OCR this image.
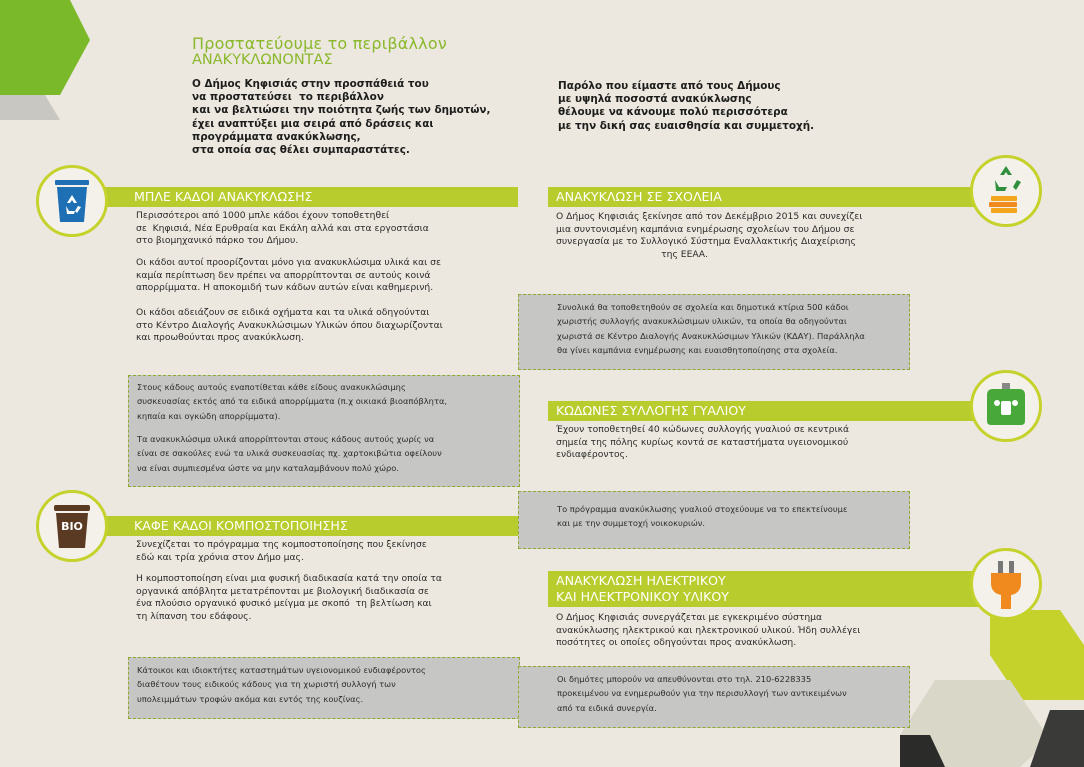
Προστατεύουμε το περιβάλλον
ΑΝΑΚΥΚΛΩΝΟΝΤΑΣ
Ο Δήμος Κηφισιάς στην προσπάθειά του
να προστατεύσει  το περιβάλλον
και να βελτιώσει την ποιότητα ζωής των δημοτών,
έχει αναπτύξει μια σειρά από δράσεις και
προγράμματα ανακύκλωσης,
στα οποία σας θέλει συμπαραστάτες.
Παρόλο που είμαστε από τους Δήμους
με υψηλά ποσοστά ανακύκλωσης
θέλουμε να κάνουμε πολύ περισσότερα
με την δική σας ευαισθησία και συμμετοχή.
ΜΠΛΕ ΚΑΔΟΙ ΑΝΑΚΥΚΛΩΣΗΣ
Περισσότεροι από 1000 μπλε κάδοι έχουν τοποθετηθεί
σε  Κηφισιά, Νέα Ερυθραία και Εκάλη αλλά και στα εργοστάσια
στο βιομηχανικό πάρκο του Δήμου.
Οι κάδοι αυτοί προορίζονται μόνο για ανακυκλώσιμα υλικά και σε
καμία περίπτωση δεν πρέπει να απορρίπτονται σε αυτούς κοινά
απορρίμματα. Η αποκομιδή των κάδων αυτών είναι καθημερινή.
Οι κάδοι αδειάζουν σε ειδικά οχήματα και τα υλικά οδηγούνται
στο Κέντρο Διαλογής Ανακυκλώσιμων Υλικών όπου διαχωρίζονται
και προωθούνται προς ανακύκλωση.
Στους κάδους αυτούς εναποτίθεται κάθε είδους ανακυκλώσιμης
συσκευασίας εκτός από τα ειδικά απορρίμματα (π.χ οικιακά βιοαπόβλητα,
κηπαία και ογκώδη απορρίμματα).
Τα ανακυκλώσιμα υλικά απορρίπτονται στους κάδους αυτούς χωρίς να
είναι σε σακούλες ενώ τα υλικά συσκευασίας πχ. χαρτοκιβώτια οφείλουν
να είναι συμπιεσμένα ώστε να μην καταλαμβάνουν πολύ χώρο.
ΚΑΦΕ ΚΑΔΟΙ ΚΟΜΠΟΣΤΟΠΟΙΗΣΗΣ
BIO
Συνεχίζεται το πρόγραμμα της κομποστοποίησης που ξεκίνησε
εδώ και τρία χρόνια στον Δήμο μας.
Η κομποστοποίηση είναι μια φυσική διαδικασία κατά την οποία τα
οργανικά απόβλητα μετατρέπονται με βιολογική διαδικασία σε
ένα πλούσιο οργανικό φυσικό μείγμα με σκοπό  τη βελτίωση και
τη λίπανση του εδάφους.
Κάτοικοι και ιδιοκτήτες καταστημάτων υγειονομικού ενδιαφέροντος
διαθέτουν τους ειδικούς κάδους για τη χωριστή συλλογή των
υπολειμμάτων τροφών ακόμα και εντός της κουζίνας.
ΑΝΑΚΥΚΛΩΣΗ ΣΕ ΣΧΟΛΕΙΑ
Ο Δήμος Κηφισιάς ξεκίνησε από τον Δεκέμβριο 2015 και συνεχίζει
μια συντονισμένη καμπάνια ενημέρωσης σχολείων του Δήμου σε
συνεργασία με το Συλλογικό Σύστημα Εναλλακτικής Διαχείρισης
της ΕΕΑΑ.
Συνολικά θα τοποθετηθούν σε σχολεία και δημοτικά κτίρια 500 κάδοι
χωριστής συλλογής ανακυκλώσιμων υλικών, τα οποία θα οδηγούνται
χωριστά σε Κέντρο Διαλογής Ανακυκλώσιμων Υλικών (ΚΔΑΥ). Παράλληλα
θα γίνει καμπάνια ενημέρωσης και ευαισθητοποίησης στα σχολεία.
ΚΩΔΩΝΕΣ ΣΥΛΛΟΓΗΣ ΓΥΑΛΙΟΥ
Έχουν τοποθετηθεί 40 κώδωνες συλλογής γυαλιού σε κεντρικά
σημεία της πόλης κυρίως κοντά σε καταστήματα υγειονομικού
ενδιαφέροντος.
Το πρόγραμμα ανακύκλωσης γυαλιού στοχεύουμε να το επεκτείνουμε
και με την συμμετοχή νοικοκυριών.
ΑΝΑΚΥΚΛΩΣΗ ΗΛΕΚΤΡΙΚΟΥ
ΚΑΙ ΗΛΕΚΤΡΟΝΙΚΟΥ ΥΛΙΚΟΥ
Ο Δήμος Κηφισιάς συνεργάζεται με εγκεκριμένο σύστημα
ανακύκλωσης ηλεκτρικού και ηλεκτρονικού υλικού. Ήδη συλλέγει
ποσότητες οι οποίες οδηγούνται προς ανακύκλωση.
Οι δημότες μπορούν να απευθύνονται στο τηλ. 210-6228335
προκειμένου να ενημερωθούν για την περισυλλογή των αντικειμένων
από τα ειδικά συνεργία.
